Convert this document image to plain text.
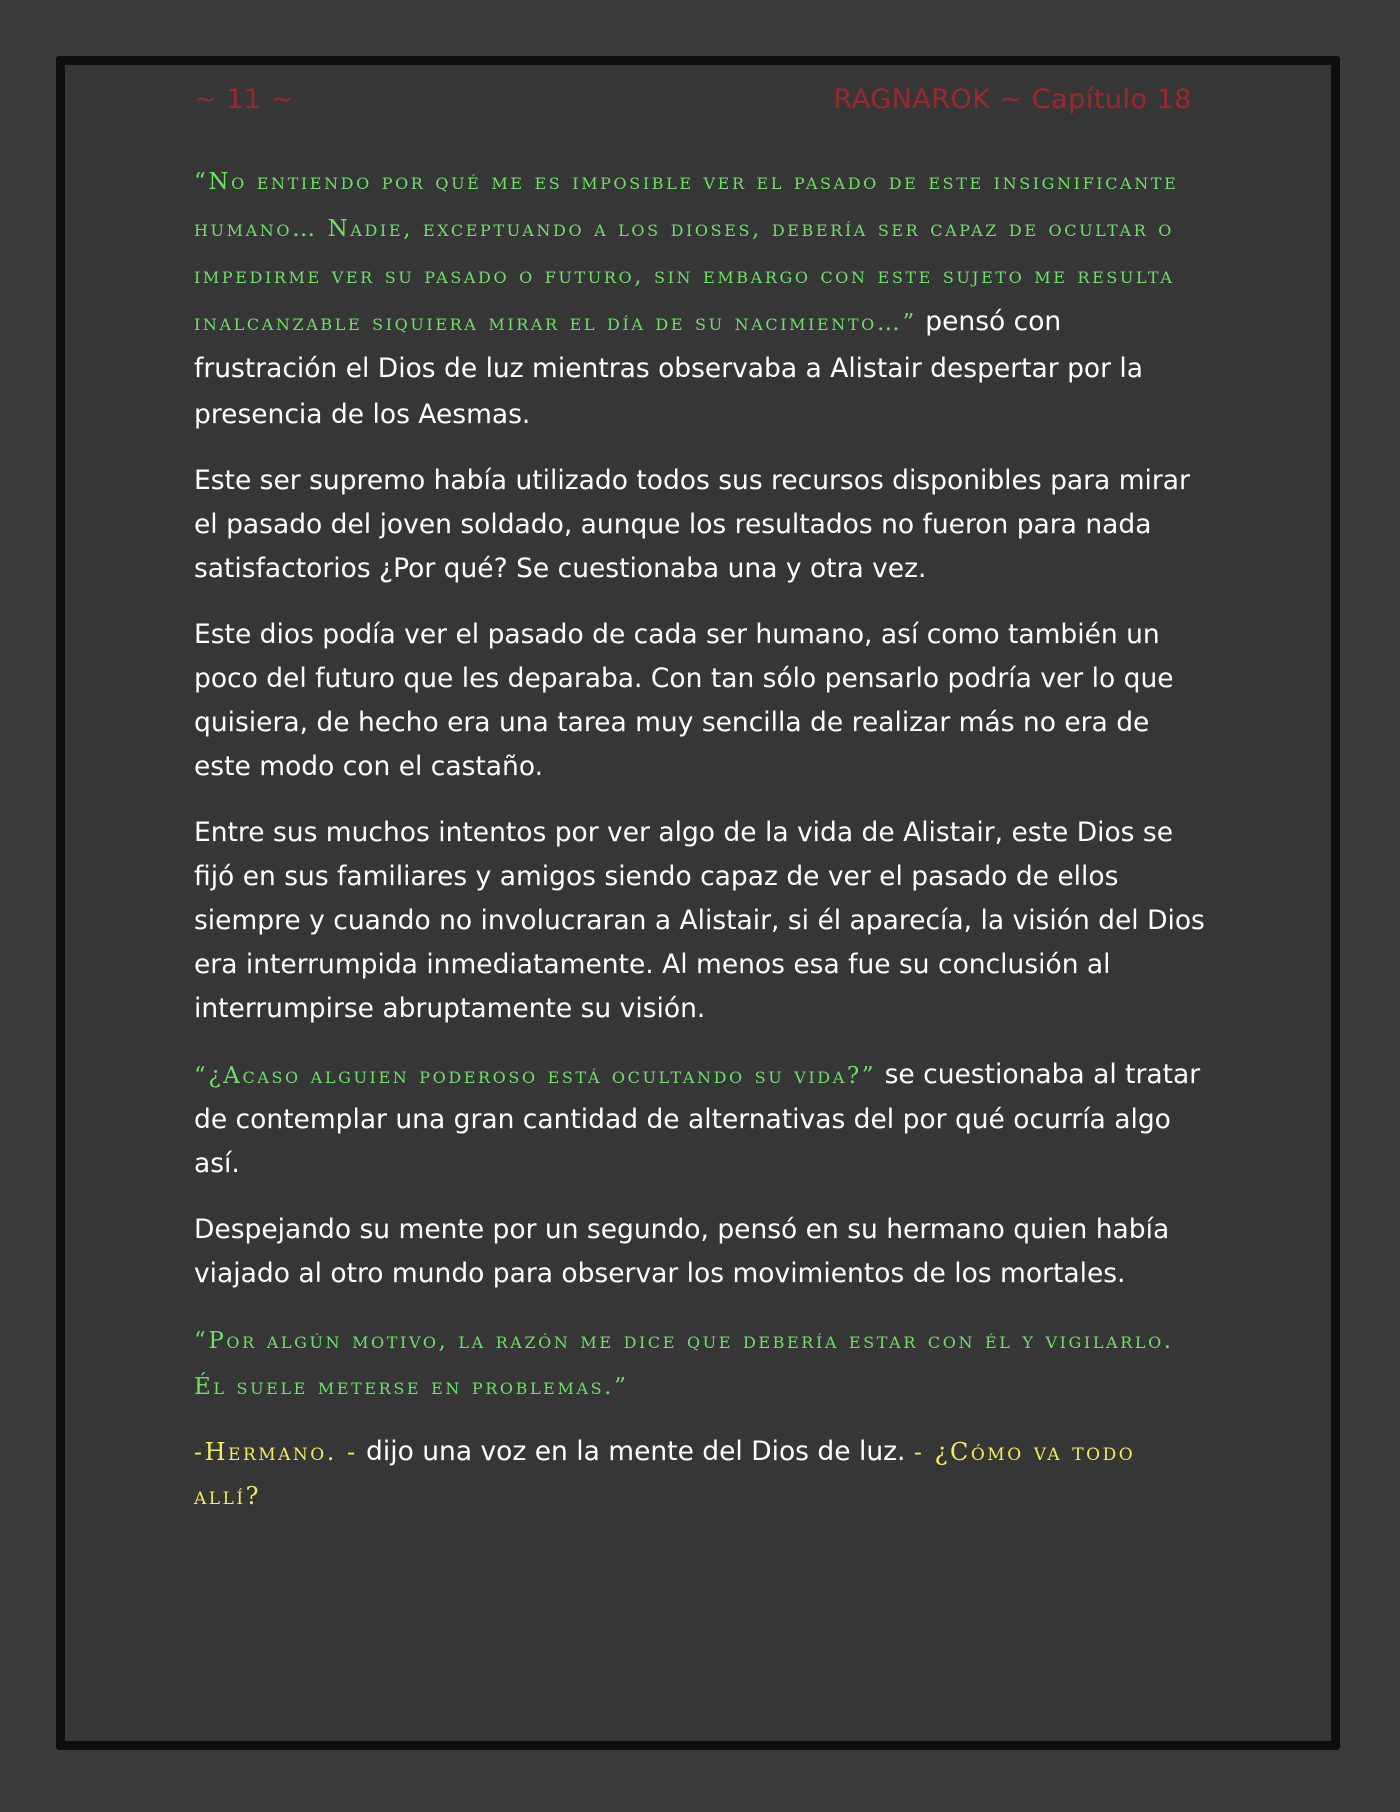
~ 11 ~	RAGNAROK ~ Capítulo 18

“No entiendo por qué me es imposible ver el pasado de este insignificante humano… Nadie, exceptuando a los dioses, debería ser capaz de ocultar o impedirme ver su pasado o futuro, sin embargo con este sujeto me resulta inalcanzable siquiera mirar el día de su nacimiento…” pensó con frustración el Dios de luz mientras observaba a Alistair despertar por la presencia de los Aesmas.

Este ser supremo había utilizado todos sus recursos disponibles para mirar el pasado del joven soldado, aunque los resultados no fueron para nada satisfactorios ¿Por qué? Se cuestionaba una y otra vez.

Este dios podía ver el pasado de cada ser humano, así como también un poco del futuro que les deparaba. Con tan sólo pensarlo podría ver lo que quisiera, de hecho era una tarea muy sencilla de realizar más no era de este modo con el castaño.

Entre sus muchos intentos por ver algo de la vida de Alistair, este Dios se fijó en sus familiares y amigos siendo capaz de ver el pasado de ellos siempre y cuando no involucraran a Alistair, si él aparecía, la visión del Dios era interrumpida inmediatamente. Al menos esa fue su conclusión al interrumpirse abruptamente su visión.

“¿Acaso alguien poderoso está ocultando su vida?” se cuestionaba al tratar de contemplar una gran cantidad de alternativas del por qué ocurría algo así.

Despejando su mente por un segundo, pensó en su hermano quien había viajado al otro mundo para observar los movimientos de los mortales.

“Por algún motivo, la razón me dice que debería estar con él y vigilarlo. Él suele meterse en problemas.”

-Hermano. - dijo una voz en la mente del Dios de luz. - ¿Cómo va todo allí?
